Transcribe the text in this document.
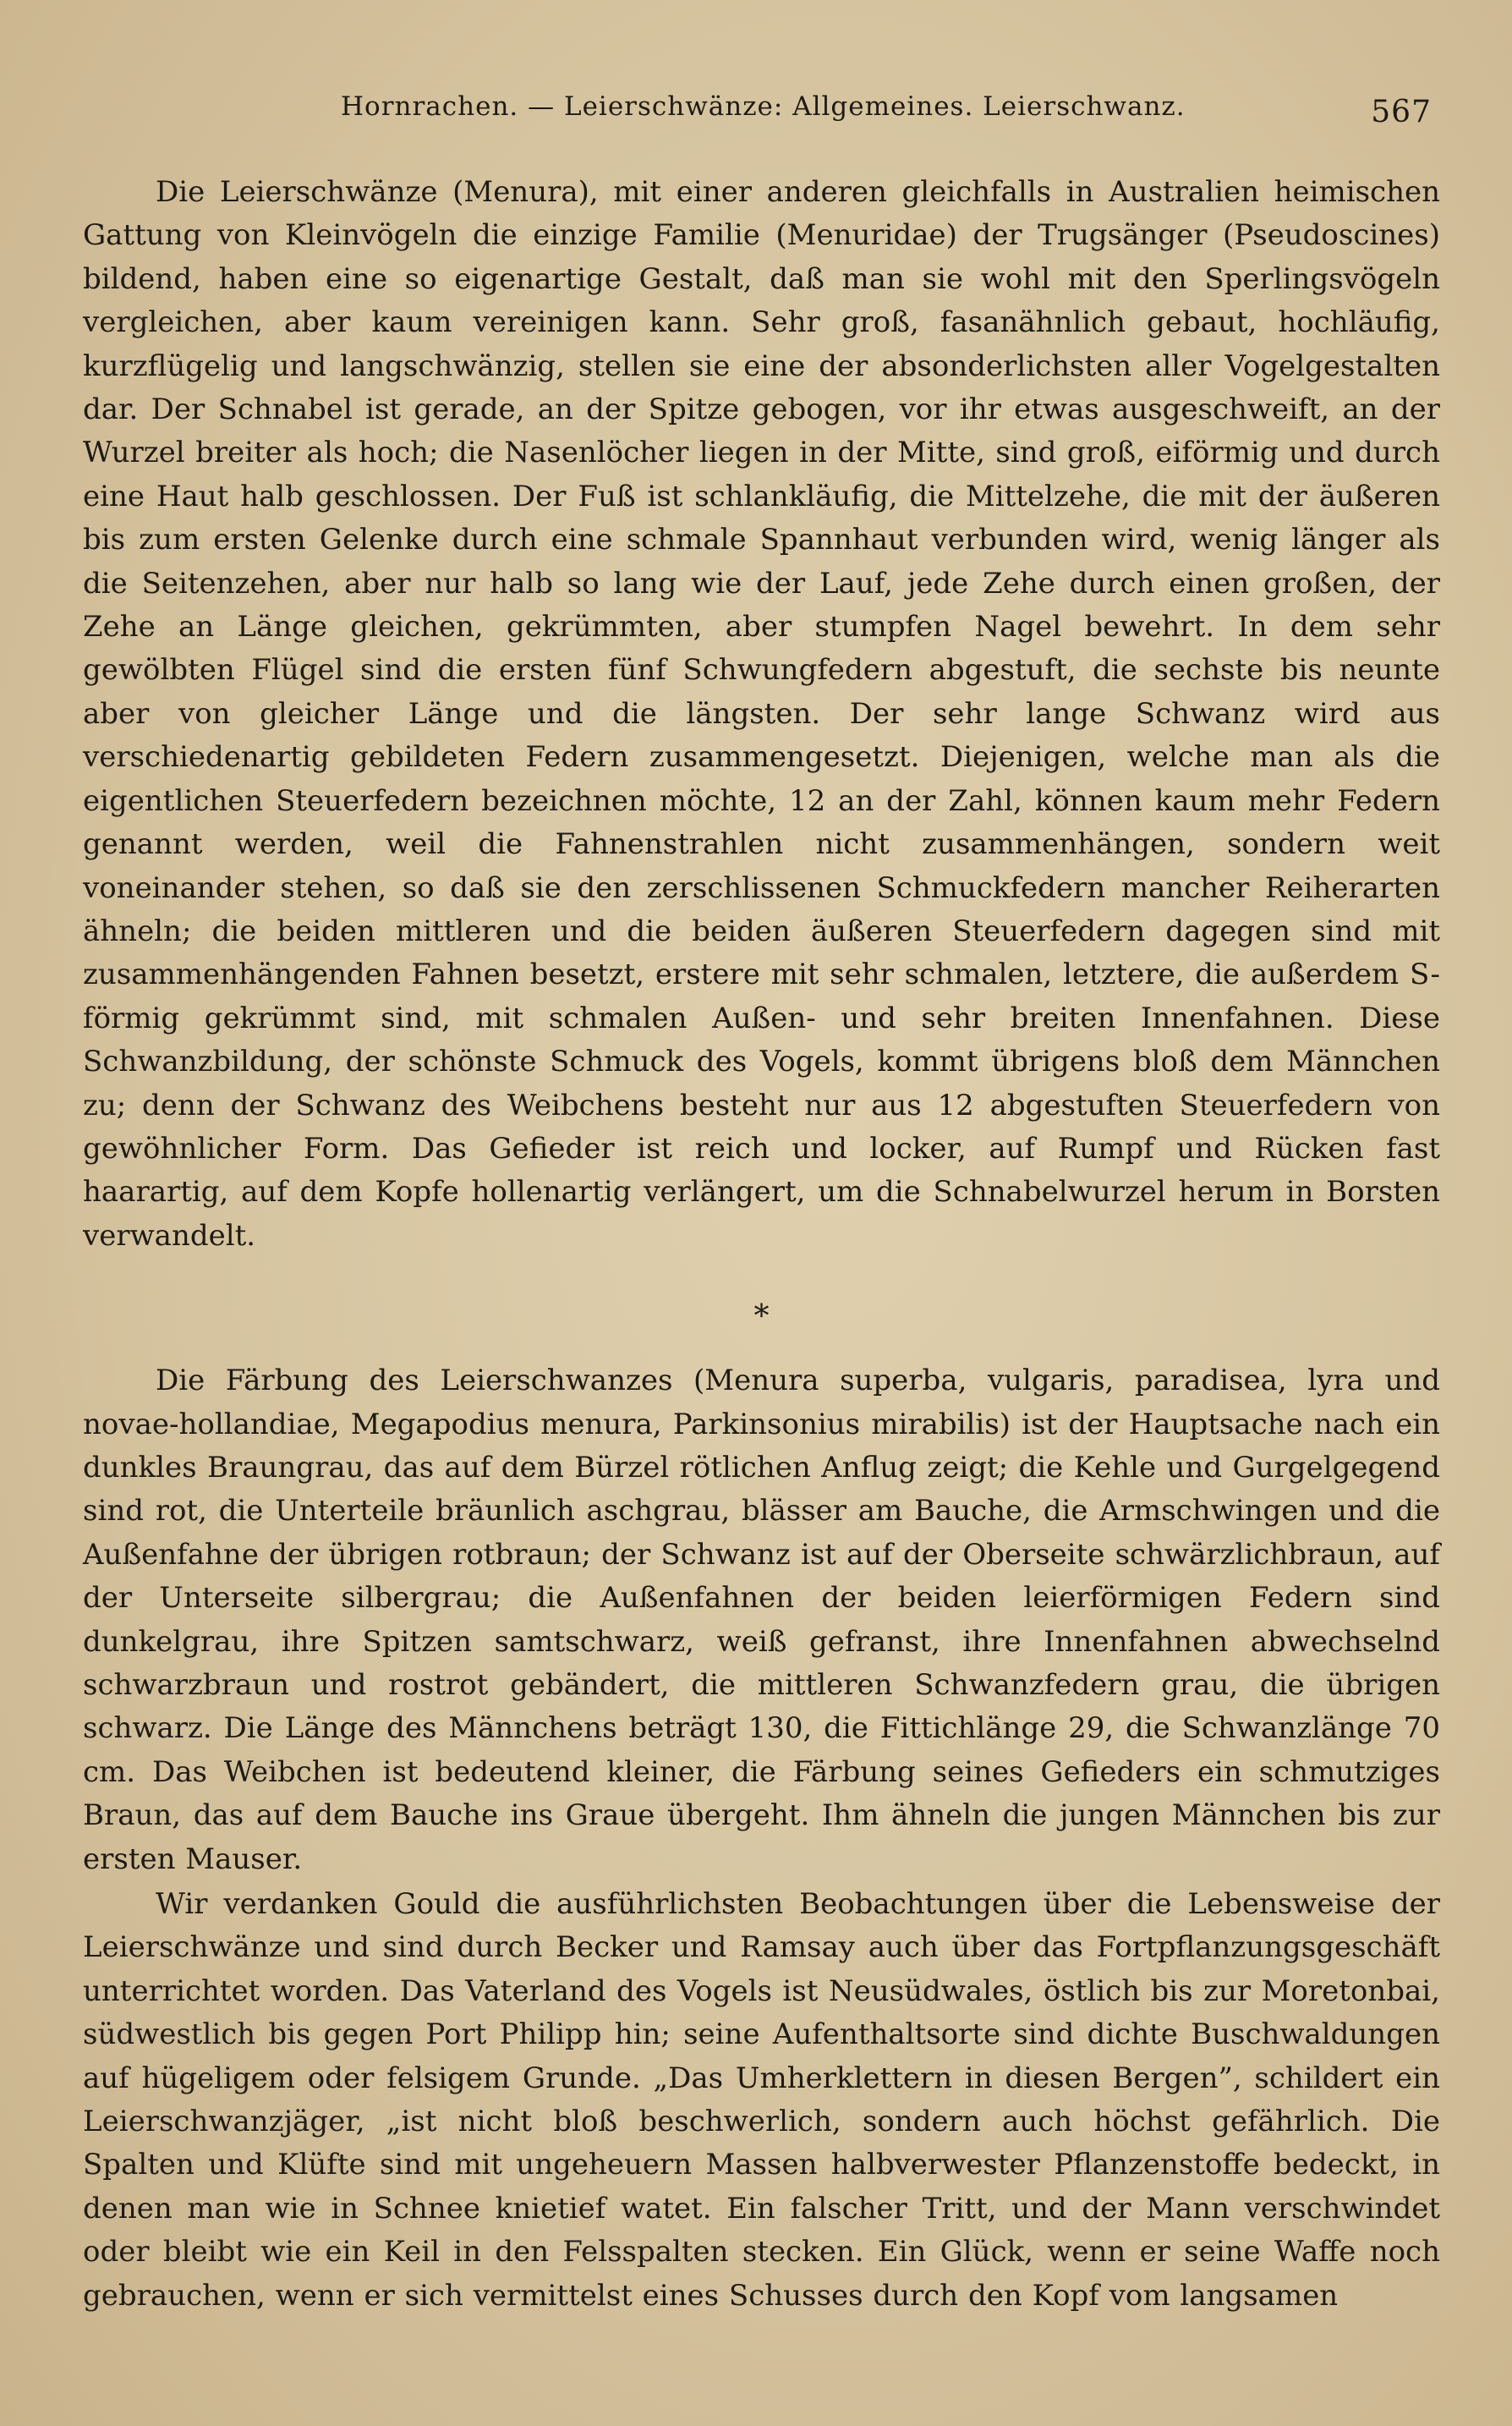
Hornrachen. — Leierschwänze: Allgemeines. Leierschwanz.	567

Die Leierschwänze (Menura), mit einer anderen gleichfalls in Australien heimischen Gattung von Kleinvögeln die einzige Familie (Menuridae) der Trugsänger (Pseudoscines) bildend, haben eine so eigenartige Gestalt, daß man sie wohl mit den Sperlingsvögeln vergleichen, aber kaum vereinigen kann. Sehr groß, fasanähnlich gebaut, hochläufig, kurzflügelig und langschwänzig, stellen sie eine der absonderlichsten aller Vogelgestalten dar. Der Schnabel ist gerade, an der Spitze gebogen, vor ihr etwas ausgeschweift, an der Wurzel breiter als hoch; die Nasenlöcher liegen in der Mitte, sind groß, eiförmig und durch eine Haut halb geschlossen. Der Fuß ist schlankläufig, die Mittelzehe, die mit der äußeren bis zum ersten Gelenke durch eine schmale Spannhaut verbunden wird, wenig länger als die Seitenzehen, aber nur halb so lang wie der Lauf, jede Zehe durch einen großen, der Zehe an Länge gleichen, gekrümmten, aber stumpfen Nagel bewehrt. In dem sehr gewölbten Flügel sind die ersten fünf Schwungfedern abgestuft, die sechste bis neunte aber von gleicher Länge und die längsten. Der sehr lange Schwanz wird aus verschiedenartig gebildeten Federn zusammengesetzt. Diejenigen, welche man als die eigentlichen Steuerfedern bezeichnen möchte, 12 an der Zahl, können kaum mehr Federn genannt werden, weil die Fahnenstrahlen nicht zusammenhängen, sondern weit voneinander stehen, so daß sie den zerschlissenen Schmuckfedern mancher Reiherarten ähneln; die beiden mittleren und die beiden äußeren Steuerfedern dagegen sind mit zusammenhängenden Fahnen besetzt, erstere mit sehr schmalen, letztere, die außerdem S-förmig gekrümmt sind, mit schmalen Außen- und sehr breiten Innenfahnen. Diese Schwanzbildung, der schönste Schmuck des Vogels, kommt übrigens bloß dem Männchen zu; denn der Schwanz des Weibchens besteht nur aus 12 abgestuften Steuerfedern von gewöhnlicher Form. Das Gefieder ist reich und locker, auf Rumpf und Rücken fast haarartig, auf dem Kopfe hollenartig verlängert, um die Schnabelwurzel herum in Borsten verwandelt.

*

Die Färbung des Leierschwanzes (Menura superba, vulgaris, paradisea, lyra und novae-hollandiae, Megapodius menura, Parkinsonius mirabilis) ist der Hauptsache nach ein dunkles Braungrau, das auf dem Bürzel rötlichen Anflug zeigt; die Kehle und Gurgelgegend sind rot, die Unterteile bräunlich aschgrau, blässer am Bauche, die Armschwingen und die Außenfahne der übrigen rotbraun; der Schwanz ist auf der Oberseite schwärzlichbraun, auf der Unterseite silbergrau; die Außenfahnen der beiden leierförmigen Federn sind dunkelgrau, ihre Spitzen samtschwarz, weiß gefranst, ihre Innenfahnen abwechselnd schwarzbraun und rostrot gebändert, die mittleren Schwanzfedern grau, die übrigen schwarz. Die Länge des Männchens beträgt 130, die Fittichlänge 29, die Schwanzlänge 70 cm. Das Weibchen ist bedeutend kleiner, die Färbung seines Gefieders ein schmutziges Braun, das auf dem Bauche ins Graue übergeht. Ihm ähneln die jungen Männchen bis zur ersten Mauser.

Wir verdanken Gould die ausführlichsten Beobachtungen über die Lebensweise der Leierschwänze und sind durch Becker und Ramsay auch über das Fortpflanzungsgeschäft unterrichtet worden. Das Vaterland des Vogels ist Neusüdwales, östlich bis zur Moretonbai, südwestlich bis gegen Port Philipp hin; seine Aufenthaltsorte sind dichte Buschwaldungen auf hügeligem oder felsigem Grunde. „Das Umherklettern in diesen Bergen”, schildert ein Leierschwanzjäger, „ist nicht bloß beschwerlich, sondern auch höchst gefährlich. Die Spalten und Klüfte sind mit ungeheuern Massen halbverwester Pflanzenstoffe bedeckt, in denen man wie in Schnee knietief watet. Ein falscher Tritt, und der Mann verschwindet oder bleibt wie ein Keil in den Felsspalten stecken. Ein Glück, wenn er seine Waffe noch gebrauchen, wenn er sich vermittelst eines Schusses durch den Kopf vom langsamen
